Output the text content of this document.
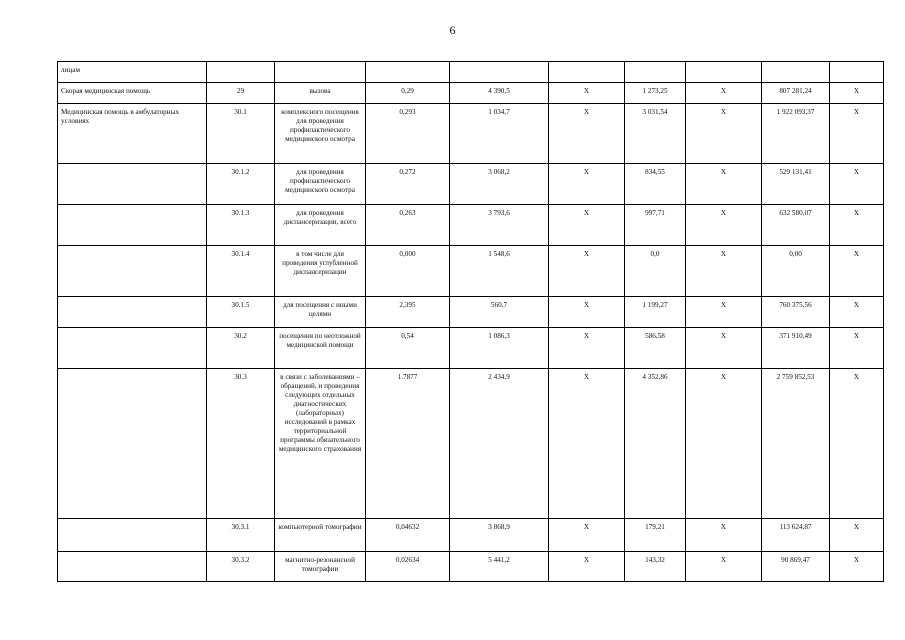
6
лицам									
Скорая медицинская помощь	29	вызова	0,29	4 390,5	Х	1 273,25	Х	807 281,24	Х
Медицинская помощь в амбулаторных условиях	30.1	комплексного посещения для проведения профилактического медицинского осмотра	0,293	1 034,7	Х	3 031,54	Х	1 922 093,37	Х
	30.1.2	для проведения профилактического медицинского осмотра	0,272	3 068,2	Х	834,55	Х	529 131,41	Х
	30.1.3	для проведения диспансеризации, всего	0,263	3 793,6	Х	997,71	Х	632 580,07	Х
	30.1.4	в том числе для проведения углубленной диспансеризации	0,000	1 548,6	Х	0,0	Х	0,00	Х
	30.1.5	для посещения с иными целями	2,395	560,7	Х	1 199,27	Х	760 375,56	Х
	30.2	посещения по неотложной медицинской помощи	0,54	1 086,3	Х	586,58	Х	371 910,49	Х
	30.3	в связи с заболеваниями – обращений, и проведения следующих отдельных диагностических (лабораторных) исследований в рамках территориальной программы обязательного медицинского страхования	1.7877	2 434,9	Х	4 352,86	Х	2 759 852,53	Х
	30.3.1	компьютерной томографии	0,04632	3 868,9	Х	179,21	Х	113 624,87	Х
	30.3.2	магнитно-резонансной томографии	0,02634	5 441,2	Х	143,32	Х	90 869,47	Х
